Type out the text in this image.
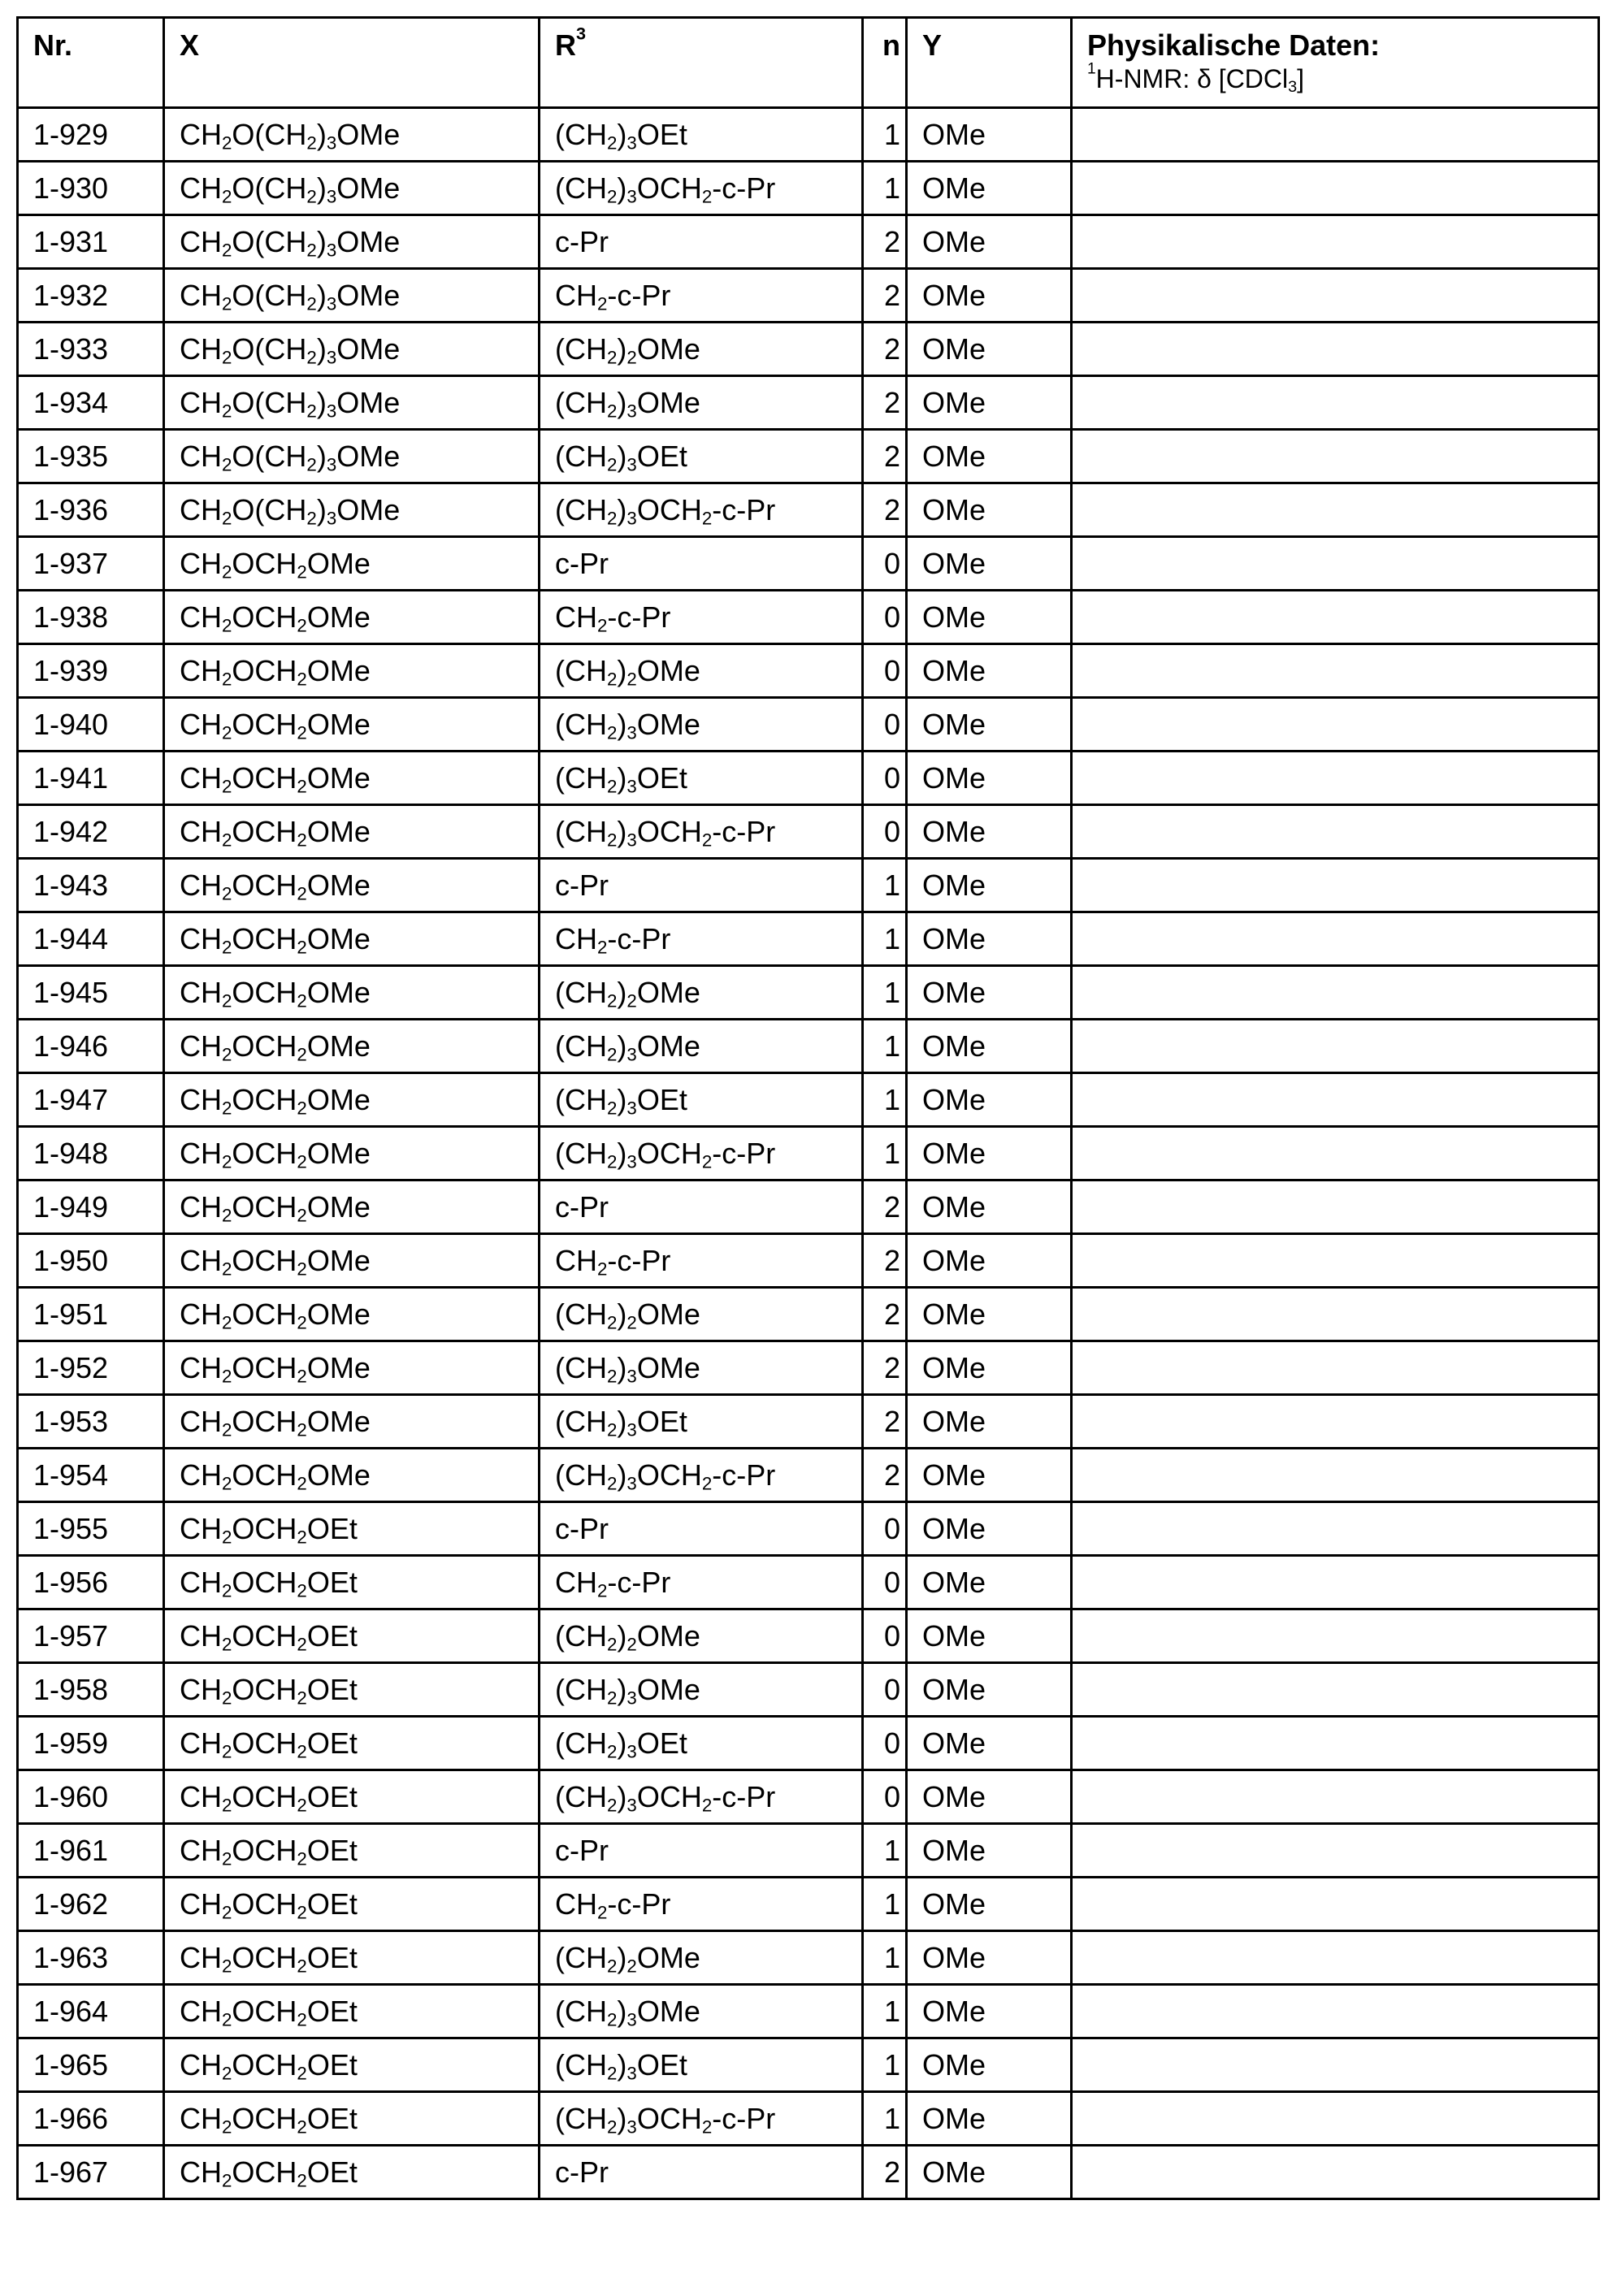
Nr.	X	$R^3$	n	Y	Physikalische Daten:
$^1$H-NMR: δ [CDCl$_3$]

1-929	$CH_2O(CH_2)_3OMe$	$(CH_2)_3OEt$	1	OMe	
1-930	$CH_2O(CH_2)_3OMe$	$(CH_2)_3OCH_2-c-Pr$	1	OMe	
1-931	$CH_2O(CH_2)_3OMe$	c-Pr	2	OMe	
1-932	$CH_2O(CH_2)_3OMe$	$CH_2-c-Pr$	2	OMe	
1-933	$CH_2O(CH_2)_3OMe$	$(CH_2)_2OMe$	2	OMe	
1-934	$CH_2O(CH_2)_3OMe$	$(CH_2)_3OMe$	2	OMe	
1-935	$CH_2O(CH_2)_3OMe$	$(CH_2)_3OEt$	2	OMe	
1-936	$CH_2O(CH_2)_3OMe$	$(CH_2)_3OCH_2-c-Pr$	2	OMe	
1-937	$CH_2OCH_2OMe$	c-Pr	0	OMe	
1-938	$CH_2OCH_2OMe$	$CH_2-c-Pr$	0	OMe	
1-939	$CH_2OCH_2OMe$	$(CH_2)_2OMe$	0	OMe	
1-940	$CH_2OCH_2OMe$	$(CH_2)_3OMe$	0	OMe	
1-941	$CH_2OCH_2OMe$	$(CH_2)_3OEt$	0	OMe	
1-942	$CH_2OCH_2OMe$	$(CH_2)_3OCH_2-c-Pr$	0	OMe	
1-943	$CH_2OCH_2OMe$	c-Pr	1	OMe	
1-944	$CH_2OCH_2OMe$	$CH_2-c-Pr$	1	OMe	
1-945	$CH_2OCH_2OMe$	$(CH_2)_2OMe$	1	OMe	
1-946	$CH_2OCH_2OMe$	$(CH_2)_3OMe$	1	OMe	
1-947	$CH_2OCH_2OMe$	$(CH_2)_3OEt$	1	OMe	
1-948	$CH_2OCH_2OMe$	$(CH_2)_3OCH_2-c-Pr$	1	OMe	
1-949	$CH_2OCH_2OMe$	c-Pr	2	OMe	
1-950	$CH_2OCH_2OMe$	$CH_2-c-Pr$	2	OMe	
1-951	$CH_2OCH_2OMe$	$(CH_2)_2OMe$	2	OMe	
1-952	$CH_2OCH_2OMe$	$(CH_2)_3OMe$	2	OMe	
1-953	$CH_2OCH_2OMe$	$(CH_2)_3OEt$	2	OMe	
1-954	$CH_2OCH_2OMe$	$(CH_2)_3OCH_2-c-Pr$	2	OMe	
1-955	$CH_2OCH_2OEt$	c-Pr	0	OMe	
1-956	$CH_2OCH_2OEt$	$CH_2-c-Pr$	0	OMe	
1-957	$CH_2OCH_2OEt$	$(CH_2)_2OMe$	0	OMe	
1-958	$CH_2OCH_2OEt$	$(CH_2)_3OMe$	0	OMe	
1-959	$CH_2OCH_2OEt$	$(CH_2)_3OEt$	0	OMe	
1-960	$CH_2OCH_2OEt$	$(CH_2)_3OCH_2-c-Pr$	0	OMe	
1-961	$CH_2OCH_2OEt$	c-Pr	1	OMe	
1-962	$CH_2OCH_2OEt$	$CH_2-c-Pr$	1	OMe	
1-963	$CH_2OCH_2OEt$	$(CH_2)_2OMe$	1	OMe	
1-964	$CH_2OCH_2OEt$	$(CH_2)_3OMe$	1	OMe	
1-965	$CH_2OCH_2OEt$	$(CH_2)_3OEt$	1	OMe	
1-966	$CH_2OCH_2OEt$	$(CH_2)_3OCH_2-c-Pr$	1	OMe	
1-967	$CH_2OCH_2OEt$	c-Pr	2	OMe	
